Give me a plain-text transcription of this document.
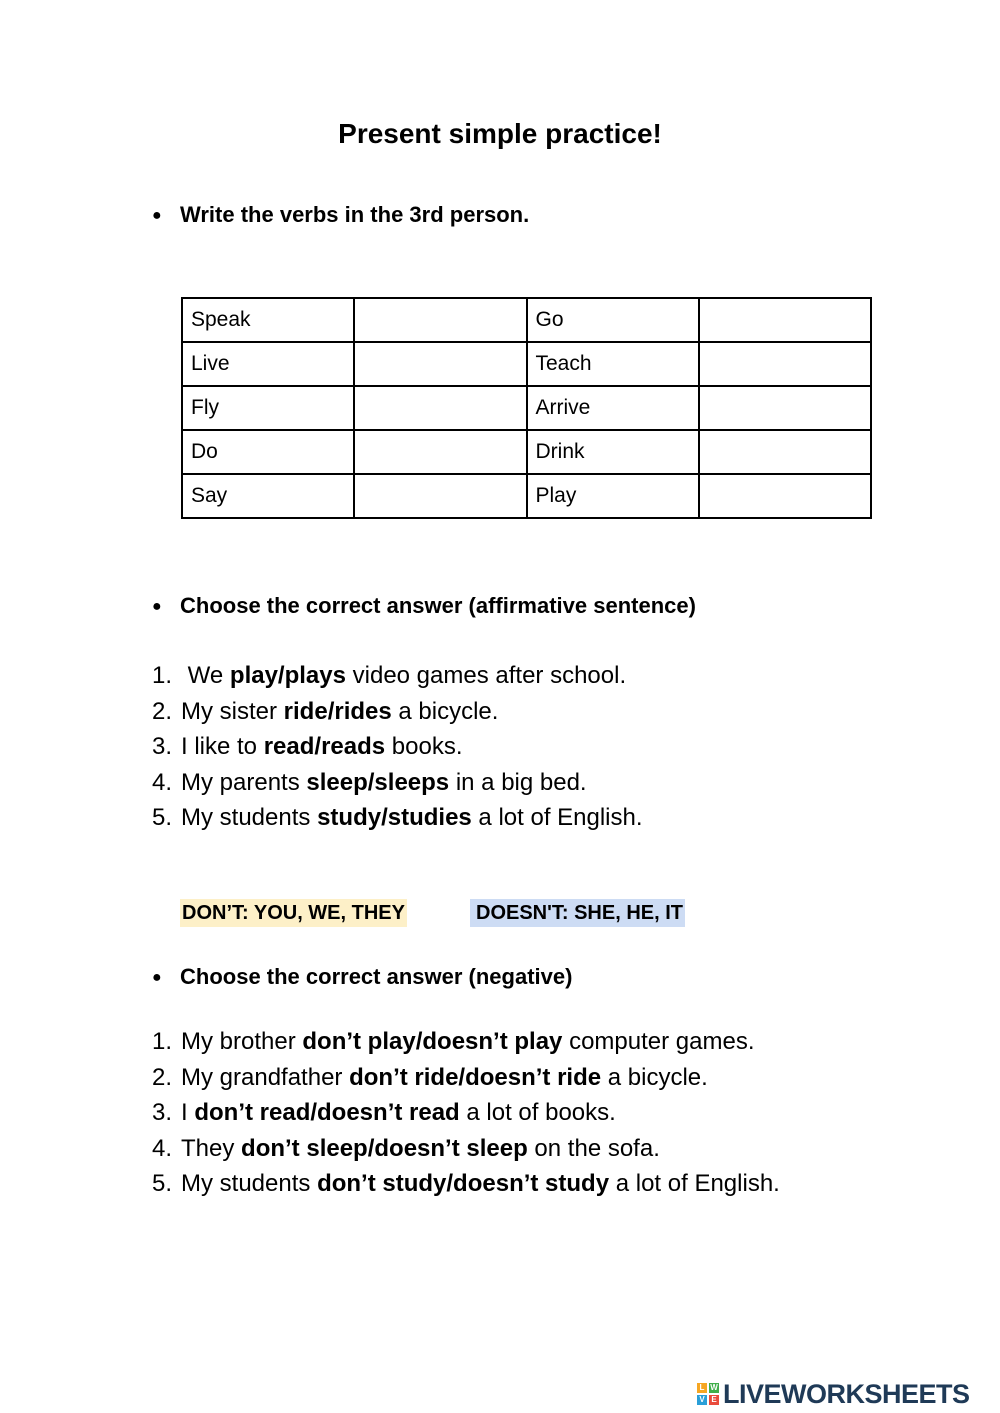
Present simple practice!
● Write the verbs in the 3rd person.
Speak		Go	
Live		Teach	
Fly		Arrive	
Do		Drink	
Say		Play	
● Choose the correct answer (affirmative sentence)
1. We play/plays video games after school.
2. My sister ride/rides a bicycle.
3. I like to read/reads books.
4. My parents sleep/sleeps in a big bed.
5. My students study/studies a lot of English.
DON’T: YOU, WE, THEY	DOESN'T: SHE, HE, IT
● Choose the correct answer (negative)
1. My brother don’t play/doesn’t play computer games.
2. My grandfather don’t ride/doesn’t ride a bicycle.
3. I don’t read/doesn’t read a lot of books.
4. They don’t sleep/doesn’t sleep on the sofa.
5. My students don’t study/doesn’t study a lot of English.
L W
V E LIVEWORKSHEETS
